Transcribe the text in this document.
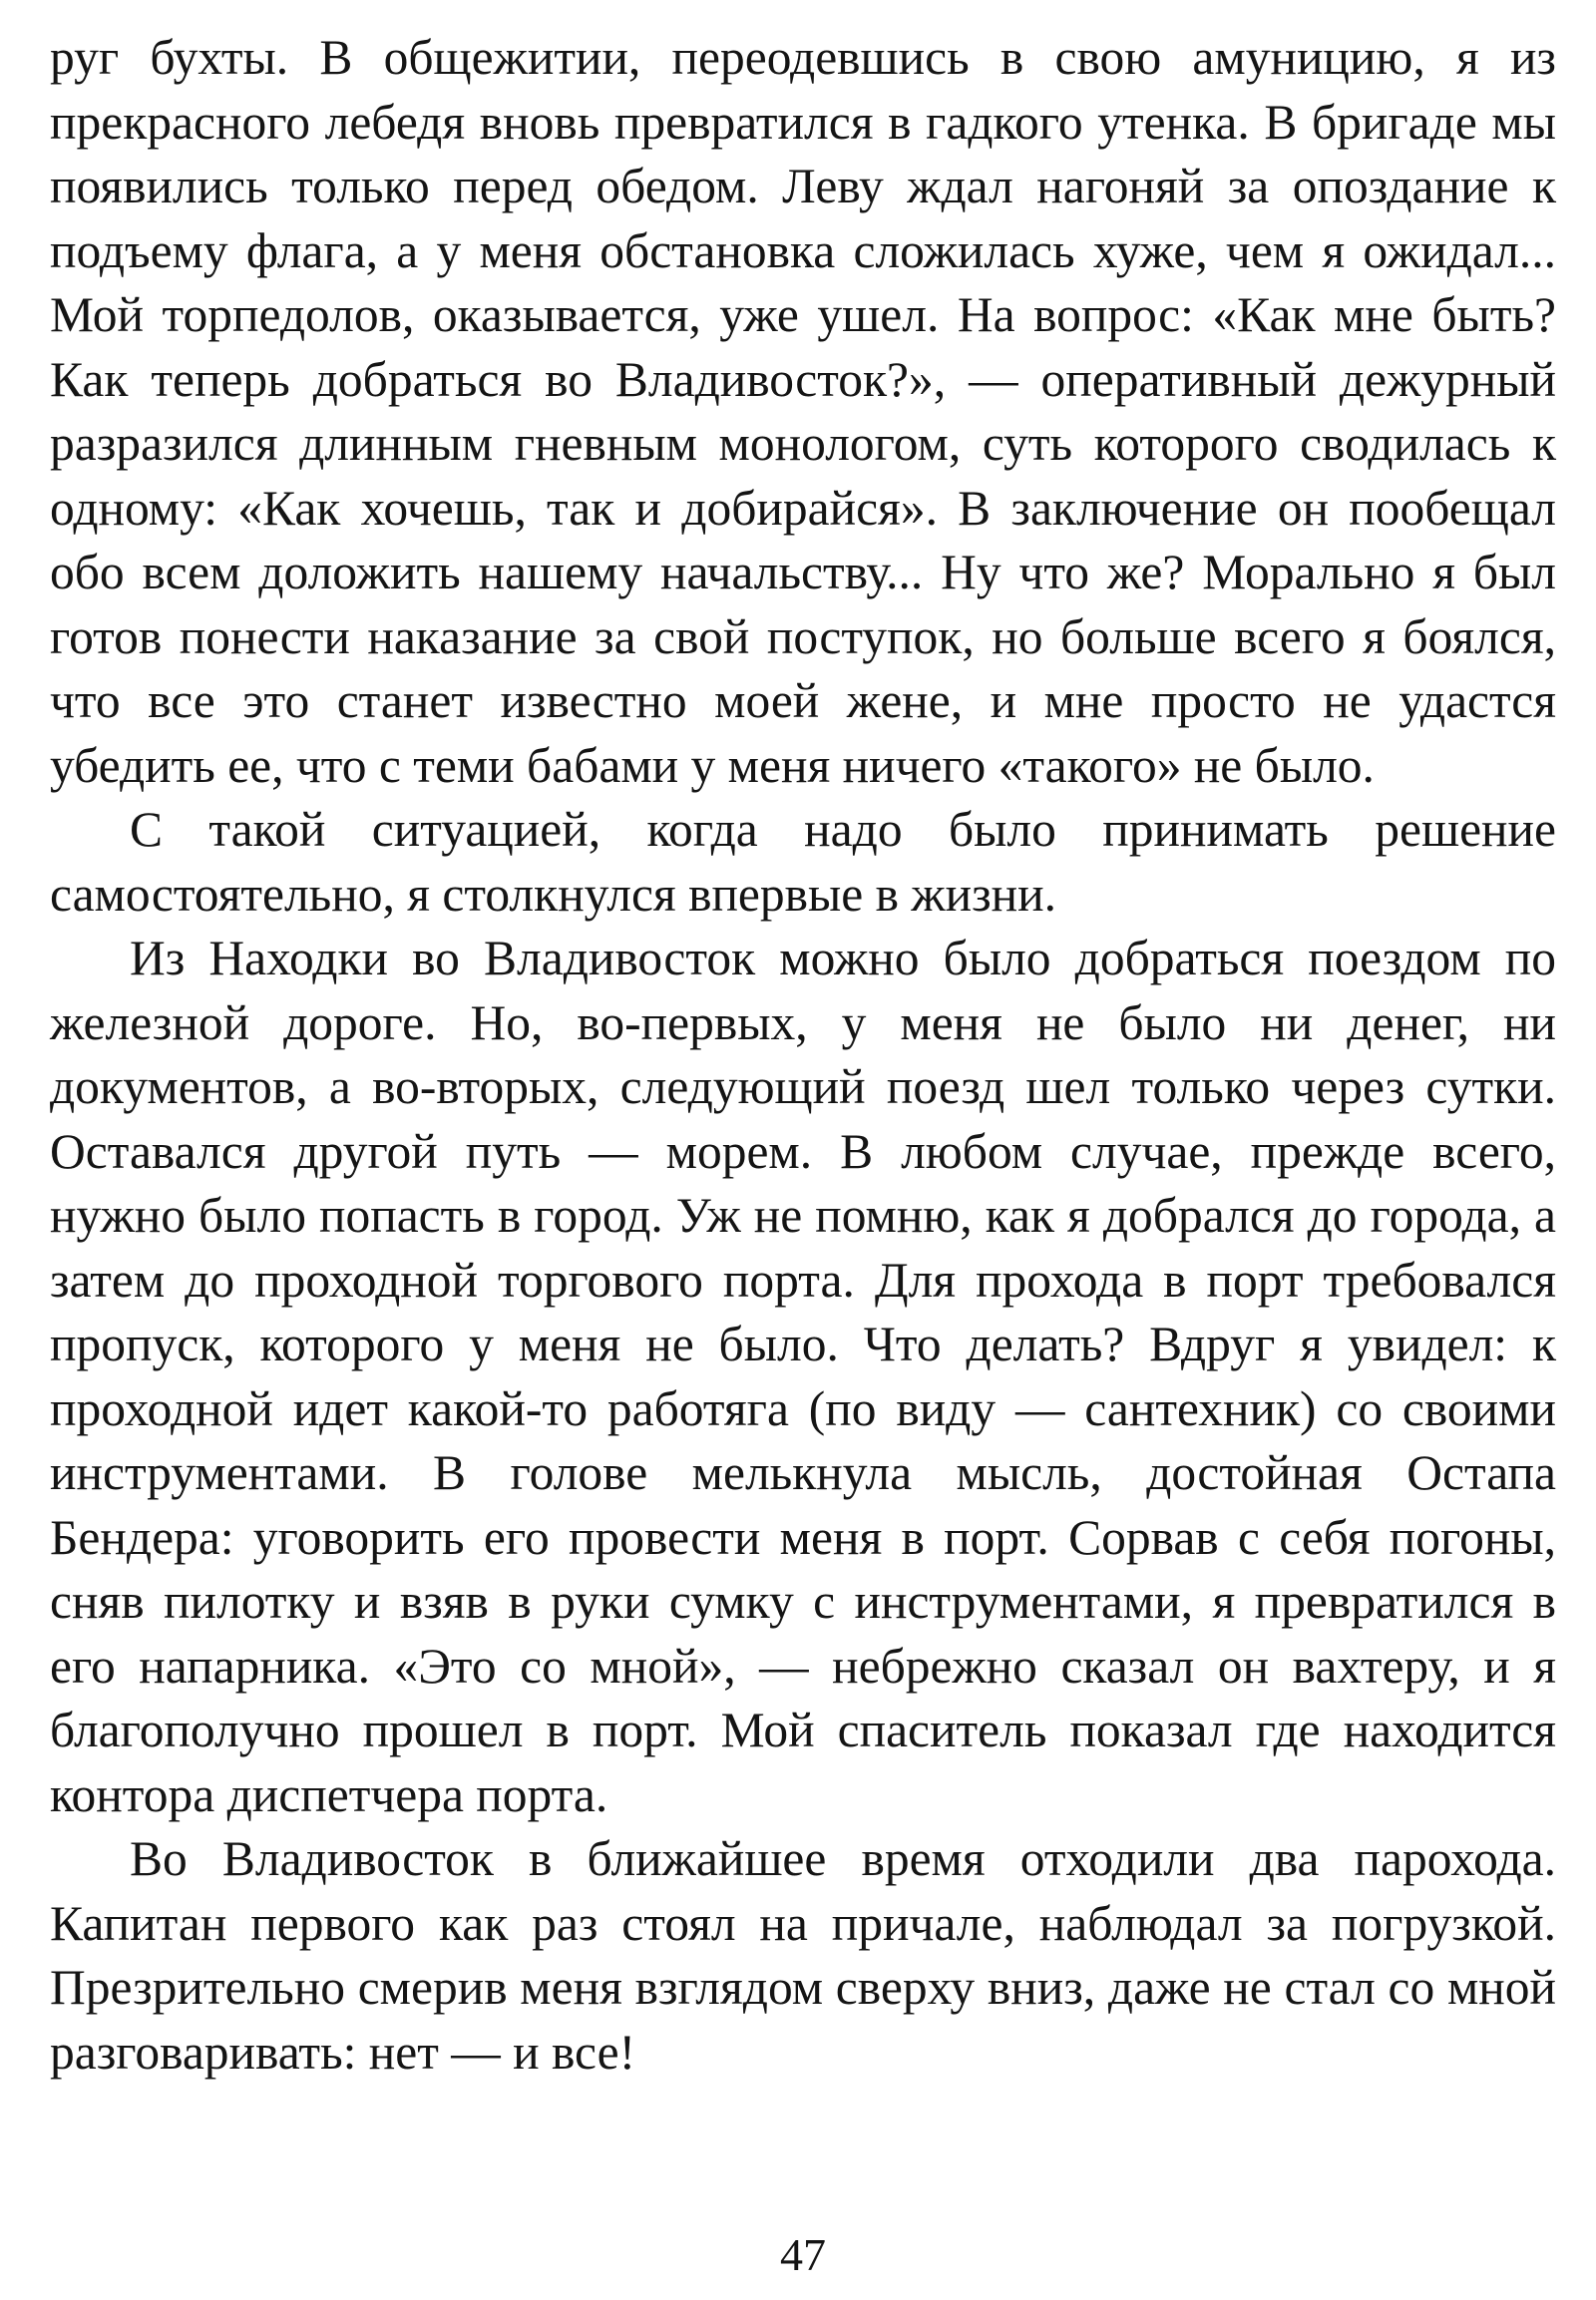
руг бухты. В общежитии, переодевшись в свою амуницию, я из прекрасного лебедя вновь превратился в гадкого утенка. В бригаде мы появились только перед обедом. Леву ждал нагоняй за опоздание к подъему флага, а у меня обстановка сложилась хуже, чем я ожидал... Мой торпедолов, оказывается, уже ушел. На вопрос: «Как мне быть? Как теперь добраться во Владивосток?», — оперативный дежурный разразился длинным гневным монологом, суть которого сводилась к одному: «Как хочешь, так и добирайся». В заключение он пообещал обо всем доложить нашему начальству... Ну что же? Морально я был готов понести наказание за свой поступок, но больше всего я боялся, что все это станет известно моей жене, и мне просто не удастся убедить ее, что с теми бабами у меня ничего «такого» не было.

С такой ситуацией, когда надо было принимать решение самостоятельно, я столкнулся впервые в жизни.

Из Находки во Владивосток можно было добраться поездом по железной дороге. Но, во-первых, у меня не было ни денег, ни документов, а во-вторых, следующий поезд шел только через сутки. Оставался другой путь — морем. В любом случае, прежде всего, нужно было попасть в город. Уж не помню, как я добрался до города, а затем до проходной торгового порта. Для прохода в порт требовался пропуск, которого у меня не было. Что делать? Вдруг я увидел: к проходной идет какой-то работяга (по виду — сантехник) со своими инструментами. В голове мелькнула мысль, достойная Остапа Бендера: уговорить его провести меня в порт. Сорвав с себя погоны, сняв пилотку и взяв в руки сумку с инструментами, я превратился в его напарника. «Это со мной», — небрежно сказал он вахтеру, и я благополучно прошел в порт. Мой спаситель показал где находится контора диспетчера порта.

Во Владивосток в ближайшее время отходили два парохода. Капитан первого как раз стоял на причале, наблюдал за погрузкой. Презрительно смерив меня взглядом сверху вниз, даже не стал со мной разговаривать: нет — и все!

47
